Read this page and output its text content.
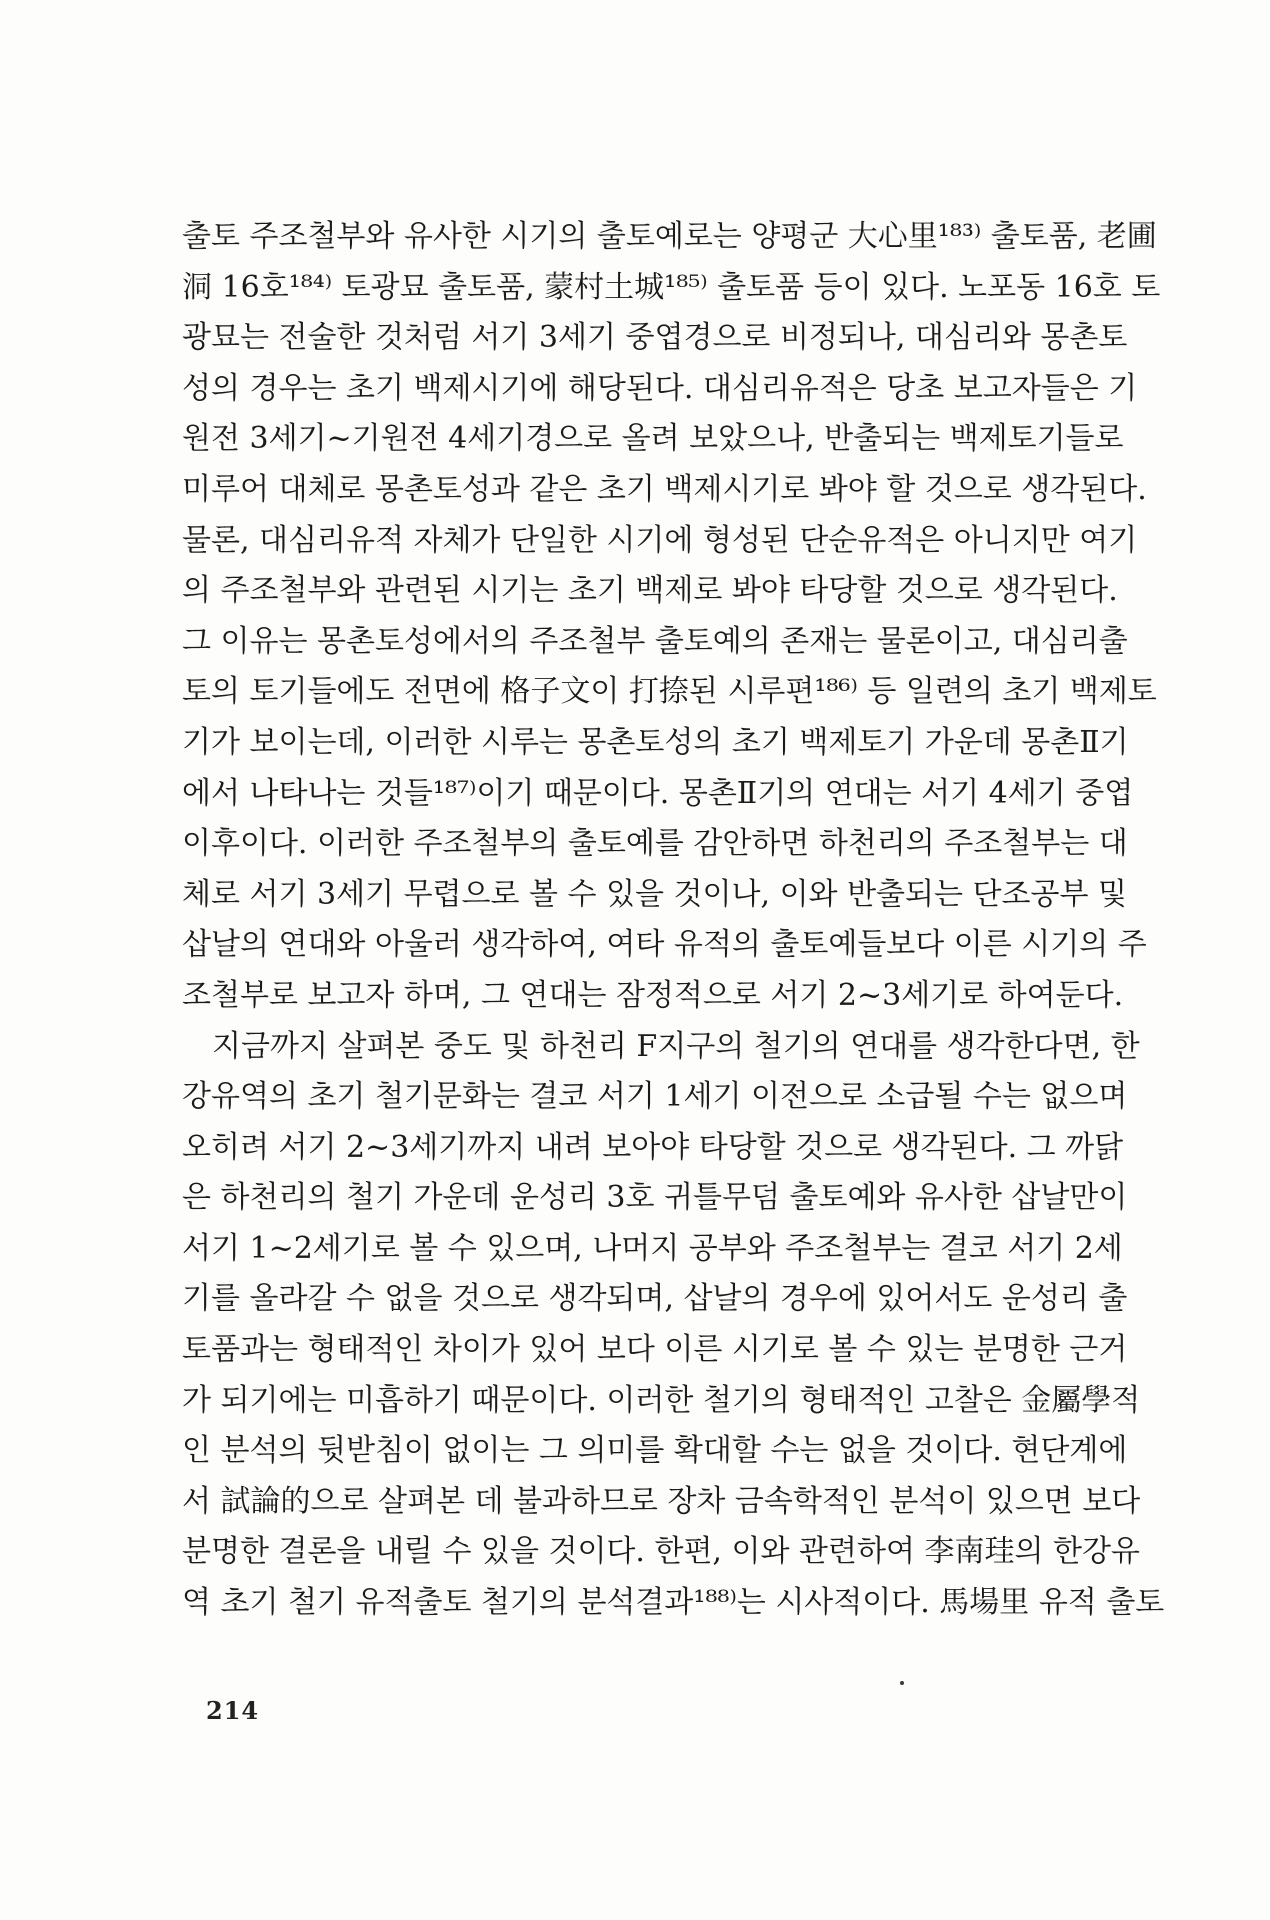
출토 주조철부와 유사한 시기의 출토예로는 양평군 大心里¹⁸³⁾ 출토품, 老圃
洞 16호¹⁸⁴⁾ 토광묘 출토품, 蒙村土城¹⁸⁵⁾ 출토품 등이 있다. 노포동 16호 토
광묘는 전술한 것처럼 서기 3세기 중엽경으로 비정되나, 대심리와 몽촌토
성의 경우는 초기 백제시기에 해당된다. 대심리유적은 당초 보고자들은 기
원전 3세기~기원전 4세기경으로 올려 보았으나, 반출되는 백제토기들로
미루어 대체로 몽촌토성과 같은 초기 백제시기로 봐야 할 것으로 생각된다.
물론, 대심리유적 자체가 단일한 시기에 형성된 단순유적은 아니지만 여기
의 주조철부와 관련된 시기는 초기 백제로 봐야 타당할 것으로 생각된다.
그 이유는 몽촌토성에서의 주조철부 출토예의 존재는 물론이고, 대심리출
토의 토기들에도 전면에 格子文이 打捺된 시루편¹⁸⁶⁾ 등 일련의 초기 백제토
기가 보이는데, 이러한 시루는 몽촌토성의 초기 백제토기 가운데 몽촌Ⅱ기
에서 나타나는 것들¹⁸⁷⁾이기 때문이다. 몽촌Ⅱ기의 연대는 서기 4세기 중엽
이후이다. 이러한 주조철부의 출토예를 감안하면 하천리의 주조철부는 대
체로 서기 3세기 무렵으로 볼 수 있을 것이나, 이와 반출되는 단조공부 및
삽날의 연대와 아울러 생각하여, 여타 유적의 출토예들보다 이른 시기의 주
조철부로 보고자 하며, 그 연대는 잠정적으로 서기 2~3세기로 하여둔다.
지금까지 살펴본 중도 및 하천리 F지구의 철기의 연대를 생각한다면, 한
강유역의 초기 철기문화는 결코 서기 1세기 이전으로 소급될 수는 없으며
오히려 서기 2~3세기까지 내려 보아야 타당할 것으로 생각된다. 그 까닭
은 하천리의 철기 가운데 운성리 3호 귀틀무덤 출토예와 유사한 삽날만이
서기 1~2세기로 볼 수 있으며, 나머지 공부와 주조철부는 결코 서기 2세
기를 올라갈 수 없을 것으로 생각되며, 삽날의 경우에 있어서도 운성리 출
토품과는 형태적인 차이가 있어 보다 이른 시기로 볼 수 있는 분명한 근거
가 되기에는 미흡하기 때문이다. 이러한 철기의 형태적인 고찰은 金屬學적
인 분석의 뒷받침이 없이는 그 의미를 확대할 수는 없을 것이다. 현단계에
서 試論的으로 살펴본 데 불과하므로 장차 금속학적인 분석이 있으면 보다
분명한 결론을 내릴 수 있을 것이다. 한편, 이와 관련하여 李南珪의 한강유
역 초기 철기 유적출토 철기의 분석결과¹⁸⁸⁾는 시사적이다. 馬場里 유적 출토
214
